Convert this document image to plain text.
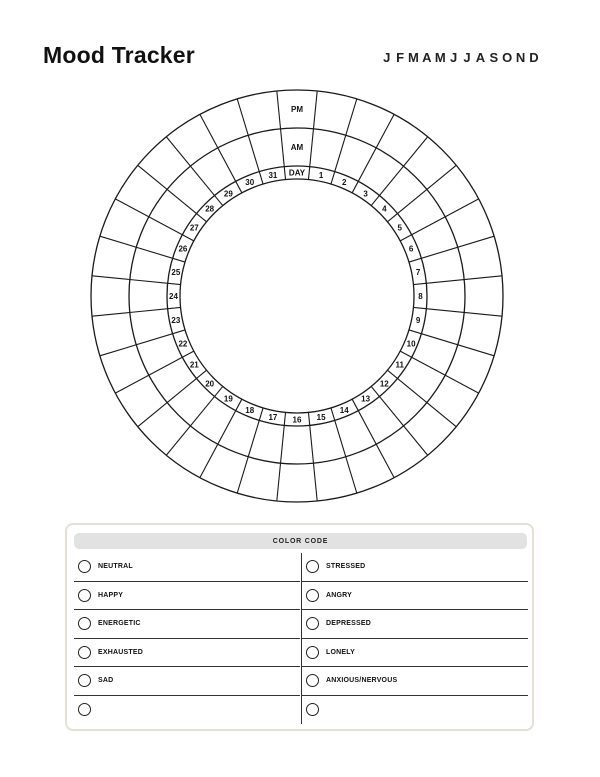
Mood Tracker	J F M A M J J A S O N D
PM
AM
DAY 1
2
3
4
5
6
7
8
9
10
11
12
13
14
15
16
17
18
19
20
21
22
23
24
25
26
27
28
29
30
31
COLOR CODE
NEUTRAL
HAPPY
ENERGETIC
EXHAUSTED
SAD
STRESSED
ANGRY
DEPRESSED
LONELY
ANXIOUS/NERVOUS
